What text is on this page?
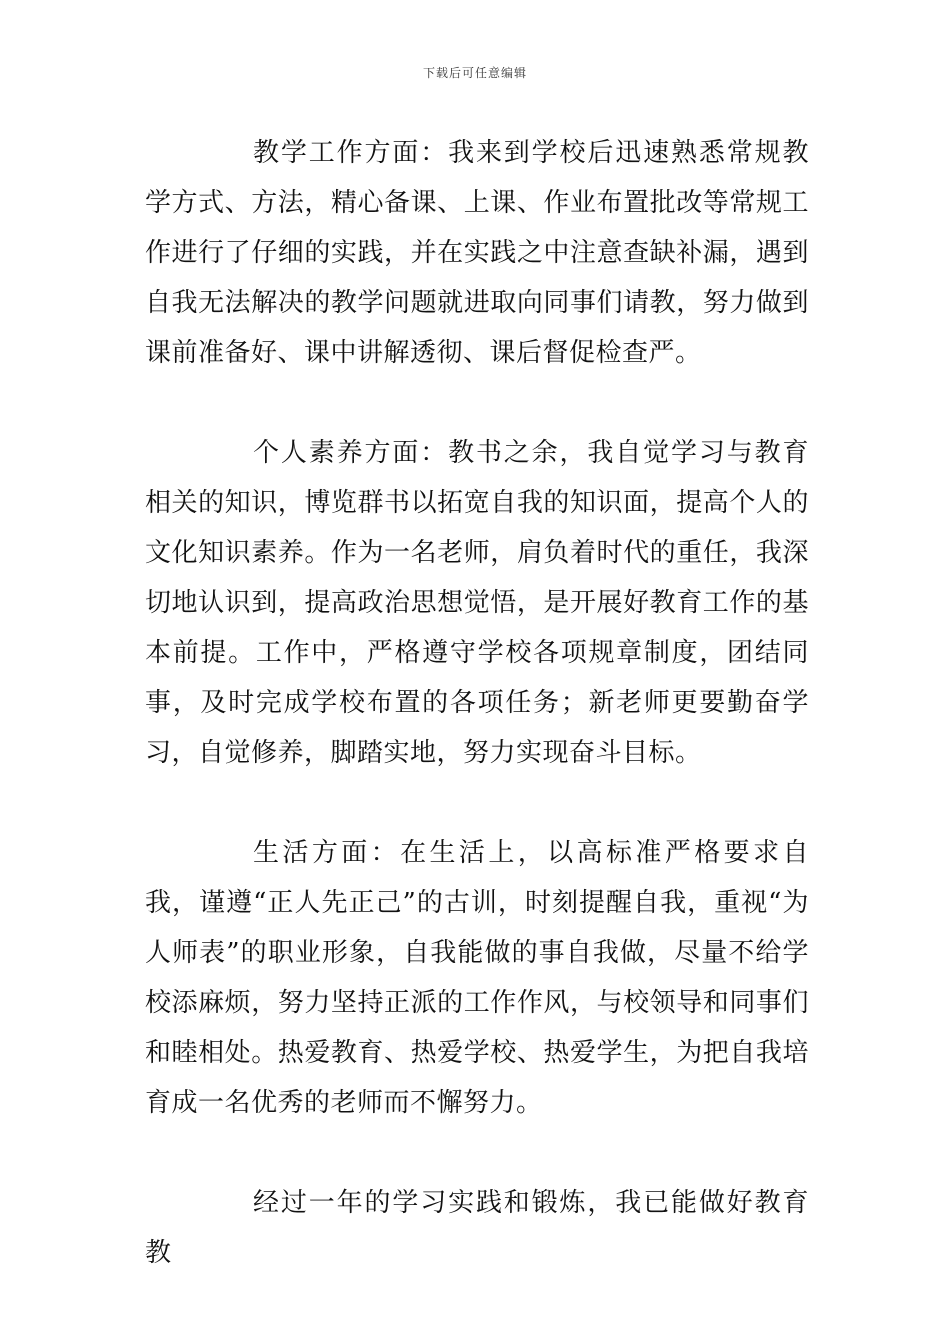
下载后可任意编辑

教学工作方面：我来到学校后迅速熟悉常规教学方式、方法，精心备课、上课、作业布置批改等常规工作进行了仔细的实践，并在实践之中注意查缺补漏，遇到自我无法解决的教学问题就进取向同事们请教，努力做到课前准备好、课中讲解透彻、课后督促检查严。

个人素养方面：教书之余，我自觉学习与教育相关的知识，博览群书以拓宽自我的知识面，提高个人的文化知识素养。作为一名老师，肩负着时代的重任，我深切地认识到，提高政治思想觉悟，是开展好教育工作的基本前提。工作中，严格遵守学校各项规章制度，团结同事，及时完成学校布置的各项任务；新老师更要勤奋学习，自觉修养，脚踏实地，努力实现奋斗目标。

生活方面：在生活上，以高标准严格要求自我，谨遵“正人先正己”的古训，时刻提醒自我，重视“为人师表”的职业形象，自我能做的事自我做，尽量不给学校添麻烦，努力坚持正派的工作作风，与校领导和同事们和睦相处。热爱教育、热爱学校、热爱学生，为把自我培育成一名优秀的老师而不懈努力。

经过一年的学习实践和锻炼，我已能做好教育教
